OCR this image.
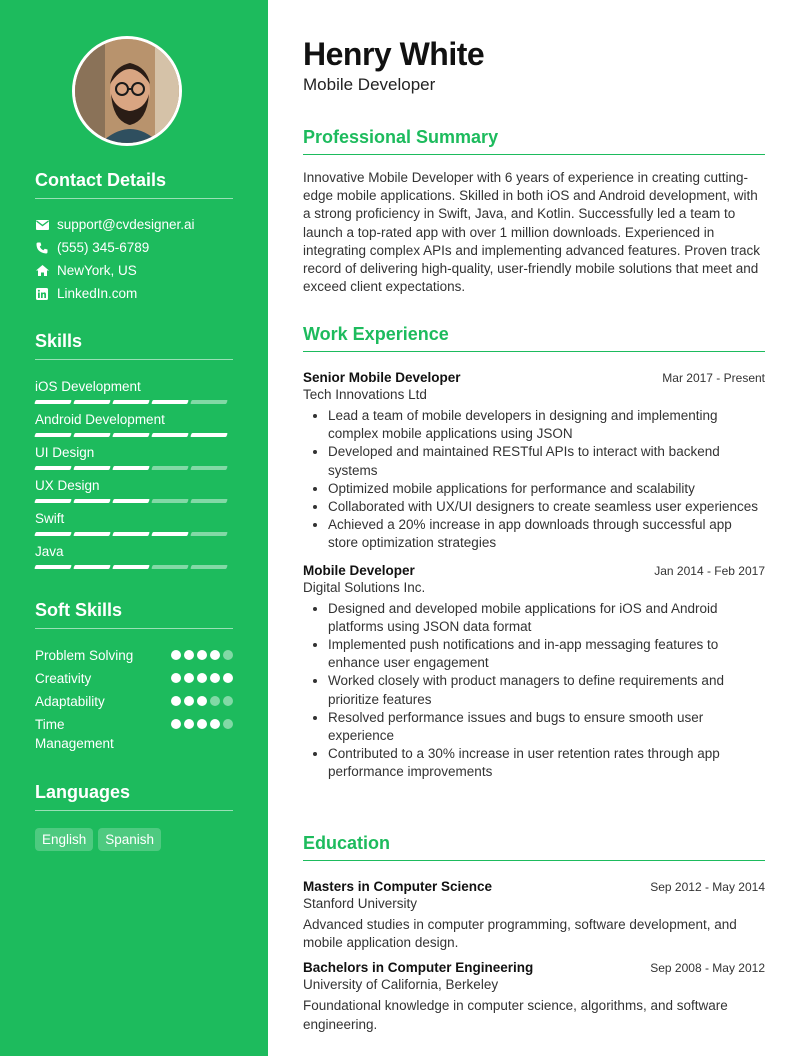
Contact Details
support@cvdesigner.ai
(555) 345-6789
NewYork, US
LinkedIn.com
Skills
iOS Development
Android Development
UI Design
UX Design
Swift
Java
Soft Skills
Problem Solving
Creativity
Adaptability
Time Management
Languages
English	Spanish
Henry White
Mobile Developer
Professional Summary
Innovative Mobile Developer with 6 years of experience in creating cutting-edge mobile applications. Skilled in both iOS and Android development, with a strong proficiency in Swift, Java, and Kotlin. Successfully led a team to launch a top-rated app with over 1 million downloads. Experienced in integrating complex APIs and implementing advanced features. Proven track record of delivering high-quality, user-friendly mobile solutions that meet and exceed client expectations.
Work Experience
Senior Mobile Developer	Mar 2017 - Present
Tech Innovations Ltd
• Lead a team of mobile developers in designing and implementing complex mobile applications using JSON
• Developed and maintained RESTful APIs to interact with backend systems
• Optimized mobile applications for performance and scalability
• Collaborated with UX/UI designers to create seamless user experiences
• Achieved a 20% increase in app downloads through successful app store optimization strategies
Mobile Developer	Jan 2014 - Feb 2017
Digital Solutions Inc.
• Designed and developed mobile applications for iOS and Android platforms using JSON data format
• Implemented push notifications and in-app messaging features to enhance user engagement
• Worked closely with product managers to define requirements and prioritize features
• Resolved performance issues and bugs to ensure smooth user experience
• Contributed to a 30% increase in user retention rates through app performance improvements
Education
Masters in Computer Science	Sep 2012 - May 2014
Stanford University
Advanced studies in computer programming, software development, and mobile application design.
Bachelors in Computer Engineering	Sep 2008 - May 2012
University of California, Berkeley
Foundational knowledge in computer science, algorithms, and software engineering.
